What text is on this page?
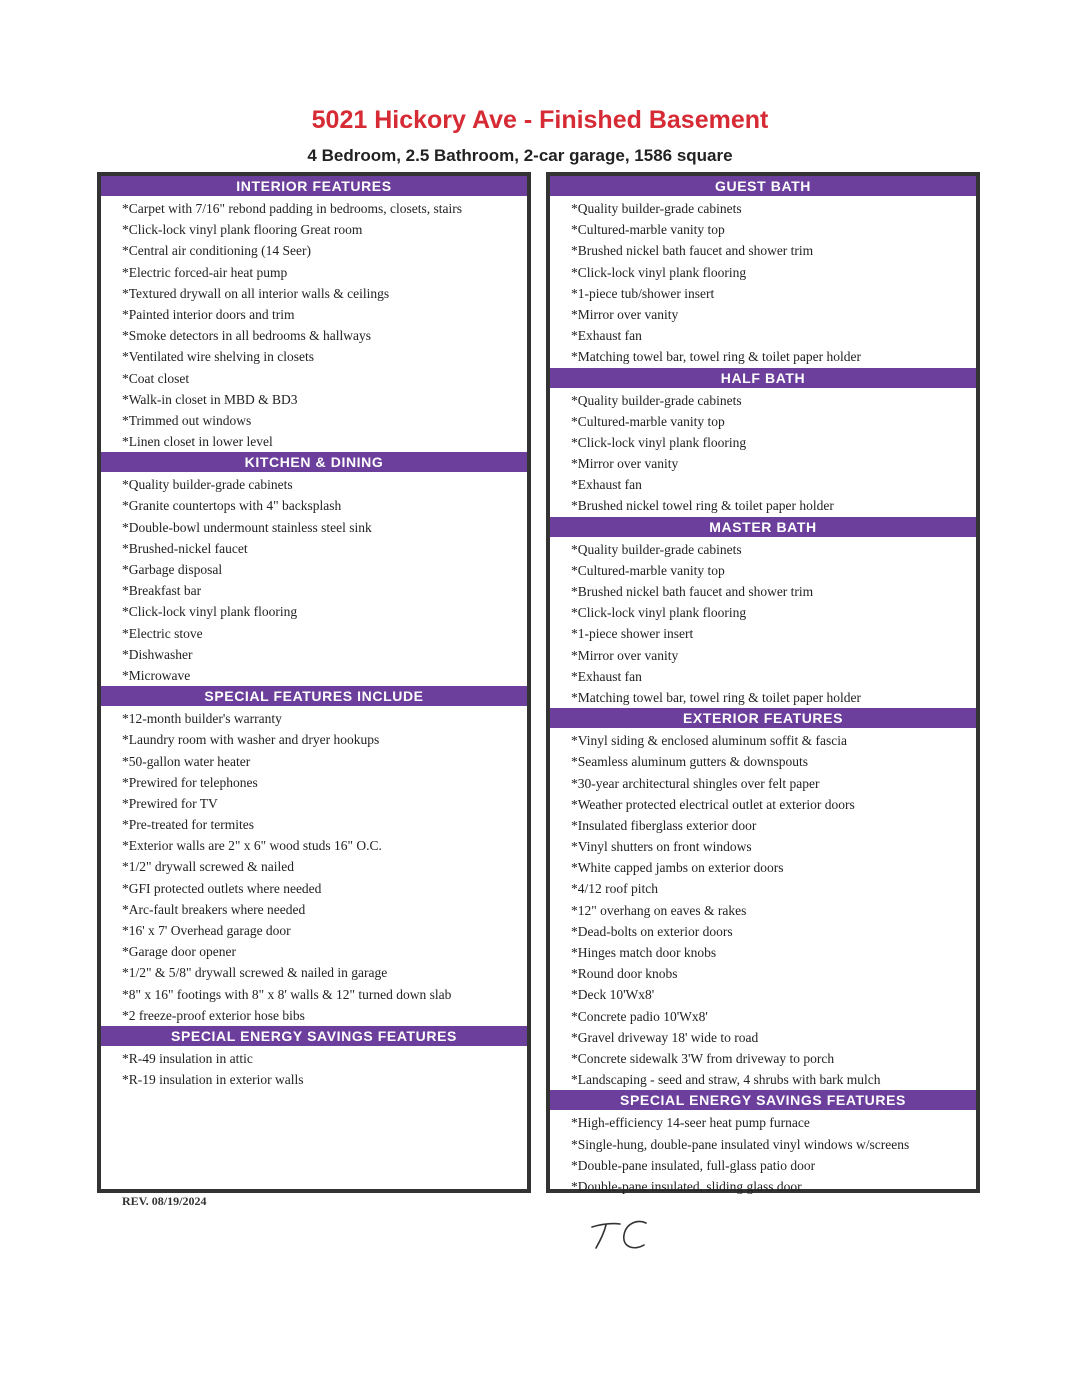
5021 Hickory Ave - Finished Basement
4 Bedroom, 2.5 Bathroom, 2-car garage, 1586 square
INTERIOR FEATURES
*Carpet with 7/16" rebond padding in bedrooms, closets, stairs
*Click-lock vinyl plank flooring Great room
*Central air conditioning (14 Seer)
*Electric forced-air heat pump
*Textured drywall on all interior walls & ceilings
*Painted interior doors and trim
*Smoke detectors in all bedrooms & hallways
*Ventilated wire shelving in closets
*Coat closet
*Walk-in closet in MBD & BD3
*Trimmed out windows
*Linen closet in lower level
KITCHEN & DINING
*Quality builder-grade cabinets
*Granite countertops with 4" backsplash
*Double-bowl undermount stainless steel sink
*Brushed-nickel faucet
*Garbage disposal
*Breakfast bar
*Click-lock vinyl plank flooring
*Electric stove
*Dishwasher
*Microwave
SPECIAL FEATURES INCLUDE
*12-month builder's warranty
*Laundry room with washer and dryer hookups
*50-gallon water heater
*Prewired for telephones
*Prewired for TV
*Pre-treated for termites
*Exterior walls are 2" x 6" wood studs 16" O.C.
*1/2" drywall screwed & nailed
*GFI protected outlets where needed
*Arc-fault breakers where needed
*16' x 7' Overhead garage door
*Garage door opener
*1/2" & 5/8" drywall screwed & nailed in garage
*8" x 16" footings with 8" x 8' walls & 12" turned down slab
*2 freeze-proof exterior hose bibs
SPECIAL ENERGY SAVINGS FEATURES
*R-49 insulation in attic
*R-19 insulation in exterior walls
GUEST BATH
*Quality builder-grade cabinets
*Cultured-marble vanity top
*Brushed nickel bath faucet and shower trim
*Click-lock vinyl plank flooring
*1-piece tub/shower insert
*Mirror over vanity
*Exhaust fan
*Matching towel bar, towel ring & toilet paper holder
HALF BATH
*Quality builder-grade cabinets
*Cultured-marble vanity top
*Click-lock vinyl plank flooring
*Mirror over vanity
*Exhaust fan
*Brushed nickel towel ring & toilet paper holder
MASTER BATH
*Quality builder-grade cabinets
*Cultured-marble vanity top
*Brushed nickel bath faucet and shower trim
*Click-lock vinyl plank flooring
*1-piece shower insert
*Mirror over vanity
*Exhaust fan
*Matching towel bar, towel ring & toilet paper holder
EXTERIOR FEATURES
*Vinyl siding & enclosed aluminum soffit & fascia
*Seamless aluminum gutters & downspouts
*30-year architectural shingles over felt paper
*Weather protected electrical outlet at exterior doors
*Insulated fiberglass exterior door
*Vinyl shutters on front windows
*White capped jambs on exterior doors
*4/12 roof pitch
*12" overhang on eaves & rakes
*Dead-bolts on exterior doors
*Hinges match door knobs
*Round door knobs
*Deck 10'Wx8'
*Concrete padio 10'Wx8'
*Gravel driveway 18' wide to road
*Concrete sidewalk 3'W from driveway to porch
*Landscaping - seed and straw, 4 shrubs with bark mulch
SPECIAL ENERGY SAVINGS FEATURES
*High-efficiency 14-seer heat pump furnace
*Single-hung, double-pane insulated vinyl windows w/screens
*Double-pane insulated, full-glass patio door
*Double-pane insulated, sliding glass door
REV. 08/19/2024
